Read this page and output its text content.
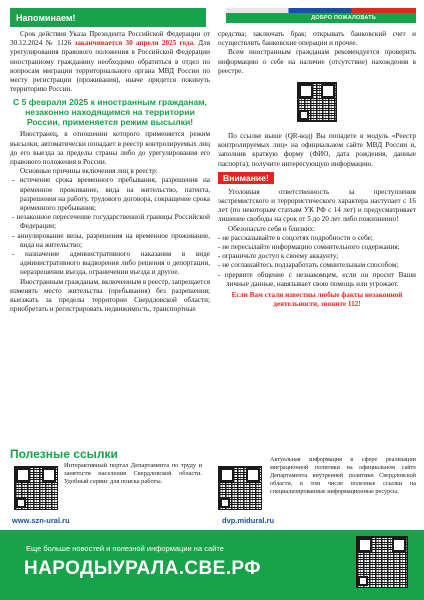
Напоминаем!	ДОБРО ПОЖАЛОВАТЬ

Срок действия Указа Президента Российской Федерации от 30.12.2024 № 1126 заканчивается 30 апреля 2025 года. Для урегулирования правового положения в Российской Федерации иностранному гражданину необходимо обратиться в отдел по вопросам миграции территориального органа МВД России по месту регистрации (проживания), иначе придется покинуть территорию России.

С 5 февраля 2025 к иностранным гражданам, незаконно находящимся на территории России, применяется режим высылки!

Иностранец, в отношении которого применяется режим высылки, автоматически попадает в реестр контролируемых лиц до его выезда за пределы страны либо до урегулирования его правового положения в России.

Основные причины включения лиц в реестр:

- истечение срока временного пребывания, разрешения на временное проживание, вида на жительство, патента, разрешения на работу, трудового договора, сокращение срока временного пребывания;

- незаконное пересечение государственной границы Российской Федерации;

- аннулирование визы, разрешения на временное проживание, вида на жительство;

- назначение административного наказания в виде административного выдворения либо решения о депортации, неразрешении въезда, ограничении въезда и другое.

Иностранным гражданам, включенным в реестр, запрещается изменять место жительства (пребывания) без разрешения; выезжать за пределы территории Свердловской области; приобретать и регистрировать недвижимость, транспортные

средства; заключать брак; открывать банковский счет и осуществлять банковские операции и прочее.

Всем иностранным гражданам рекомендуется проверить информацию о себе на наличие (отсутствие) нахождения в реестре.

По ссылке выше (QR-код) Вы попадете в модуль «Реестр контролируемых лиц» на официальном сайте МВД России и, заполнив краткую форму (ФИО, дата рождения, данные паспорта), получите интересующую информацию.

Внимание!

Уголовная ответственность за преступления экстремистского и террористического характера наступает с 16 лет (по некоторым статьям УК РФ с 14 лет) и предусматривает лишение свободы на срок от 5 до 20 лет либо пожизненно!

Обезопасьте себя и близких:

- не рассказывайте в соцсетях подробности о себе;

- не пересылайте информацию сомнительного содержания;

- ограничьте доступ к своему аккаунту;

- не соглашайтесь подзаработать сомнительным способом;

- прервите общение с незнакомцем, если он просит Ваши личные данные, навязывает свою помощь или угрожает.

Если Вам стали известны любые факты незаконной деятельности, звоните 112!

Полезные ссылки
Интерактивный портал Департамента по труду и занятости населения Свердловской области. Удобный сервис для поиска работы.
www.szn-ural.ru
Актуальная информация в сфере реализации миграционной политики на официальном сайте Департамента внутренней политики Свердловской области, в том числе полезные ссылки на специализированные информационные ресурсы.
dvp.midural.ru
Еще больше новостей и полезной информации на сайте
НАРОДЫУРАЛА.СВЕ.РФ
